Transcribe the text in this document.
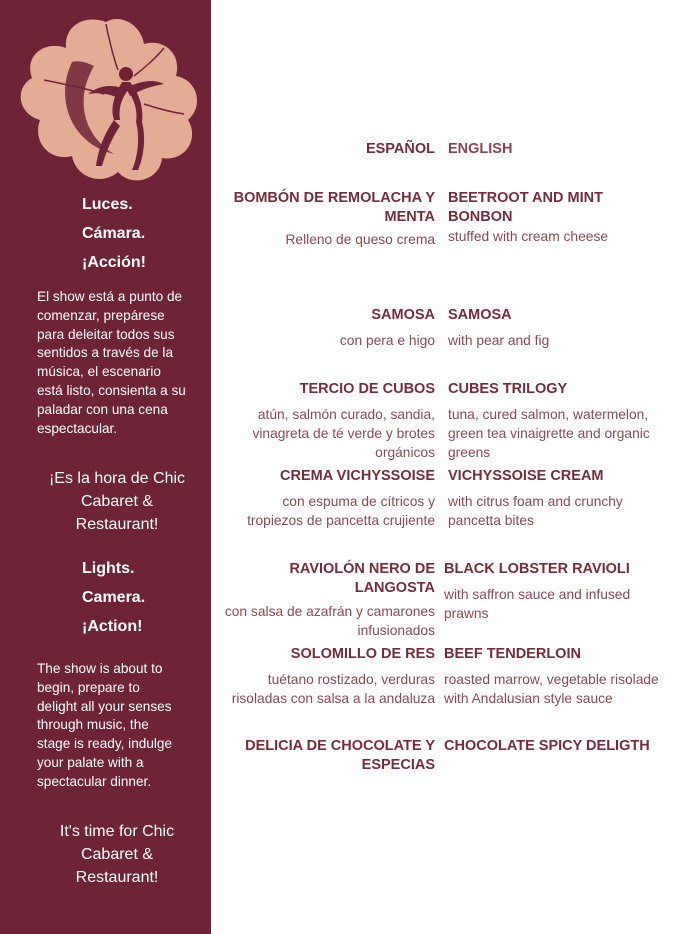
Luces.
Cámara.
¡Acción!
El show está a punto de
comenzar, prepárese
para deleitar todos sus
sentidos a través de la
música, el escenario
está listo, consienta a su
paladar con una cena
espectacular.
¡Es la hora de Chic
Cabaret &
Restaurant!
Lights.
Camera.
¡Action!
The show is about to
begin, prepare to
delight all your senses
through music, the
stage is ready, indulge
your palate with a
spectacular dinner.
It's time for Chic
Cabaret &
Restaurant!
ESPAÑOL ENGLISH
BOMBÓN DE REMOLACHA Y
MENTA
Relleno de queso crema
BEETROOT AND MINT
BONBON
stuffed with cream cheese
SAMOSA
con pera e higo
SAMOSA
with pear and fig
TERCIO DE CUBOS
atún, salmón curado, sandia,
vinagreta de té verde y brotes
orgánicos
CUBES TRILOGY
tuna, cured salmon, watermelon,
green tea vinaigrette and organic
greens
CREMA VICHYSSOISE
con espuma de cítricos y
tropiezos de pancetta crujiente
VICHYSSOISE CREAM
with citrus foam and crunchy
pancetta bites
RAVIOLÓN NERO DE
LANGOSTA
con salsa de azafrán y camarones
infusionados
BLACK LOBSTER RAVIOLI
with saffron sauce and infused
prawns
SOLOMILLO DE RES
tuétano rostizado, verduras
risoladas con salsa a la andaluza
BEEF TENDERLOIN
roasted marrow, vegetable risolade
with Andalusian style sauce
DELICIA DE CHOCOLATE Y
ESPECIAS
CHOCOLATE SPICY DELIGTH
